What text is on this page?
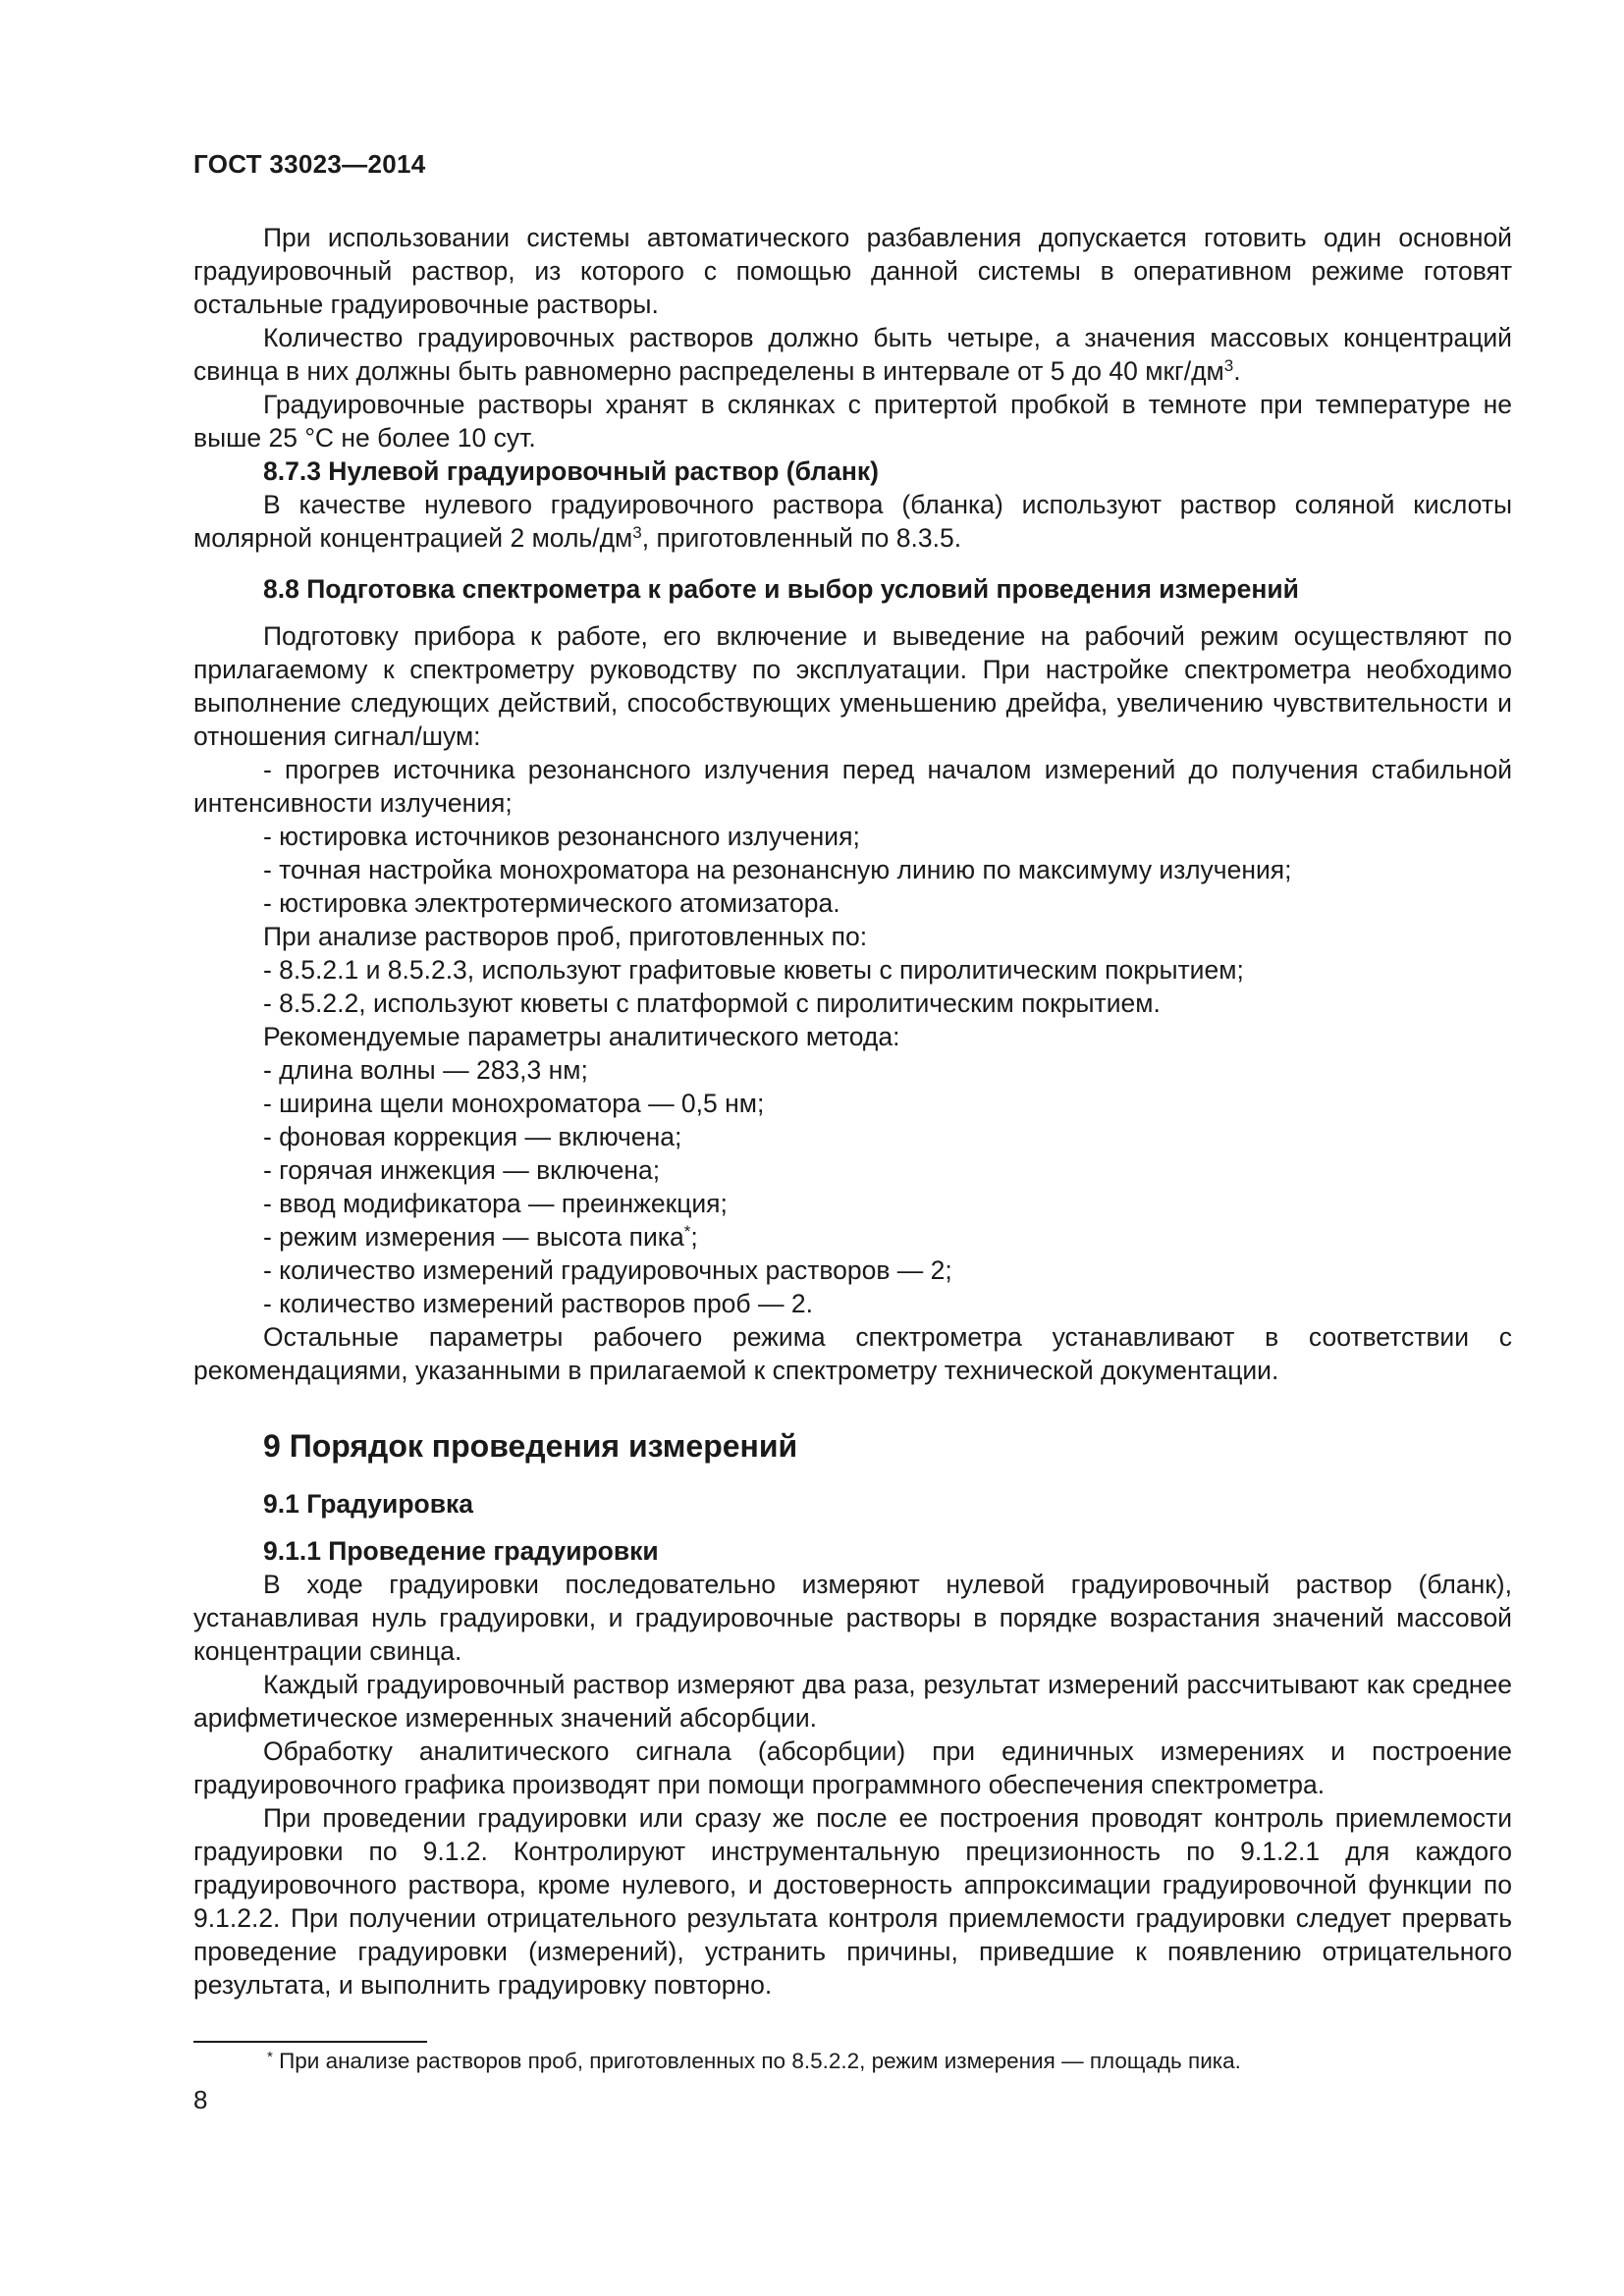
ГОСТ 33023—2014

При использовании системы автоматического разбавления допускается готовить один основной градуировочный раствор, из которого с помощью данной системы в оперативном режиме готовят остальные градуировочные растворы.

Количество градуировочных растворов должно быть четыре, а значения массовых концентраций свинца в них должны быть равномерно распределены в интервале от 5 до 40 мкг/$дм^3$.

Градуировочные растворы хранят в склянках с притертой пробкой в темноте при температуре не выше 25 °С не более 10 сут.

8.7.3 Нулевой градуировочный раствор (бланк)

В качестве нулевого градуировочного раствора (бланка) используют раствор соляной кислоты молярной концентрацией 2 моль/$дм^3$, приготовленный по 8.3.5.

8.8 Подготовка спектрометра к работе и выбор условий проведения измерений

Подготовку прибора к работе, его включение и выведение на рабочий режим осуществляют по прилагаемому к спектрометру руководству по эксплуатации. При настройке спектрометра необходимо выполнение следующих действий, способствующих уменьшению дрейфа, увеличению чувствительности и отношения сигнал/шум:

- прогрев источника резонансного излучения перед началом измерений до получения стабильной интенсивности излучения;

- юстировка источников резонансного излучения;

- точная настройка монохроматора на резонансную линию по максимуму излучения;

- юстировка электротермического атомизатора.

При анализе растворов проб, приготовленных по:

- 8.5.2.1 и 8.5.2.3, используют графитовые кюветы с пиролитическим покрытием;

- 8.5.2.2, используют кюветы с платформой с пиролитическим покрытием.

Рекомендуемые параметры аналитического метода:

- длина волны — 283,3 нм;

- ширина щели монохроматора — 0,5 нм;

- фоновая коррекция — включена;

- горячая инжекция — включена;

- ввод модификатора — преинжекция;

- режим измерения — высота пика*;

- количество измерений градуировочных растворов — 2;

- количество измерений растворов проб — 2.

Остальные параметры рабочего режима спектрометра устанавливают в соответствии с рекомендациями, указанными в прилагаемой к спектрометру технической документации.

9 Порядок проведения измерений
9.1 Градуировка
9.1.1 Проведение градуировки

В ходе градуировки последовательно измеряют нулевой градуировочный раствор (бланк), устанавливая нуль градуировки, и градуировочные растворы в порядке возрастания значений массовой концентрации свинца.

Каждый градуировочный раствор измеряют два раза, результат измерений рассчитывают как среднее арифметическое измеренных значений абсорбции.

Обработку аналитического сигнала (абсорбции) при единичных измерениях и построение градуировочного графика производят при помощи программного обеспечения спектрометра.

При проведении градуировки или сразу же после ее построения проводят контроль приемлемости градуировки по 9.1.2. Контролируют инструментальную прецизионность по 9.1.2.1 для каждого градуировочного раствора, кроме нулевого, и достоверность аппроксимации градуировочной функции по 9.1.2.2. При получении отрицательного результата контроля приемлемости градуировки следует прервать проведение градуировки (измерений), устранить причины, приведшие к появлению отрицательного результата, и выполнить градуировку повторно.

* При анализе растворов проб, приготовленных по 8.5.2.2, режим измерения — площадь пика.
8
